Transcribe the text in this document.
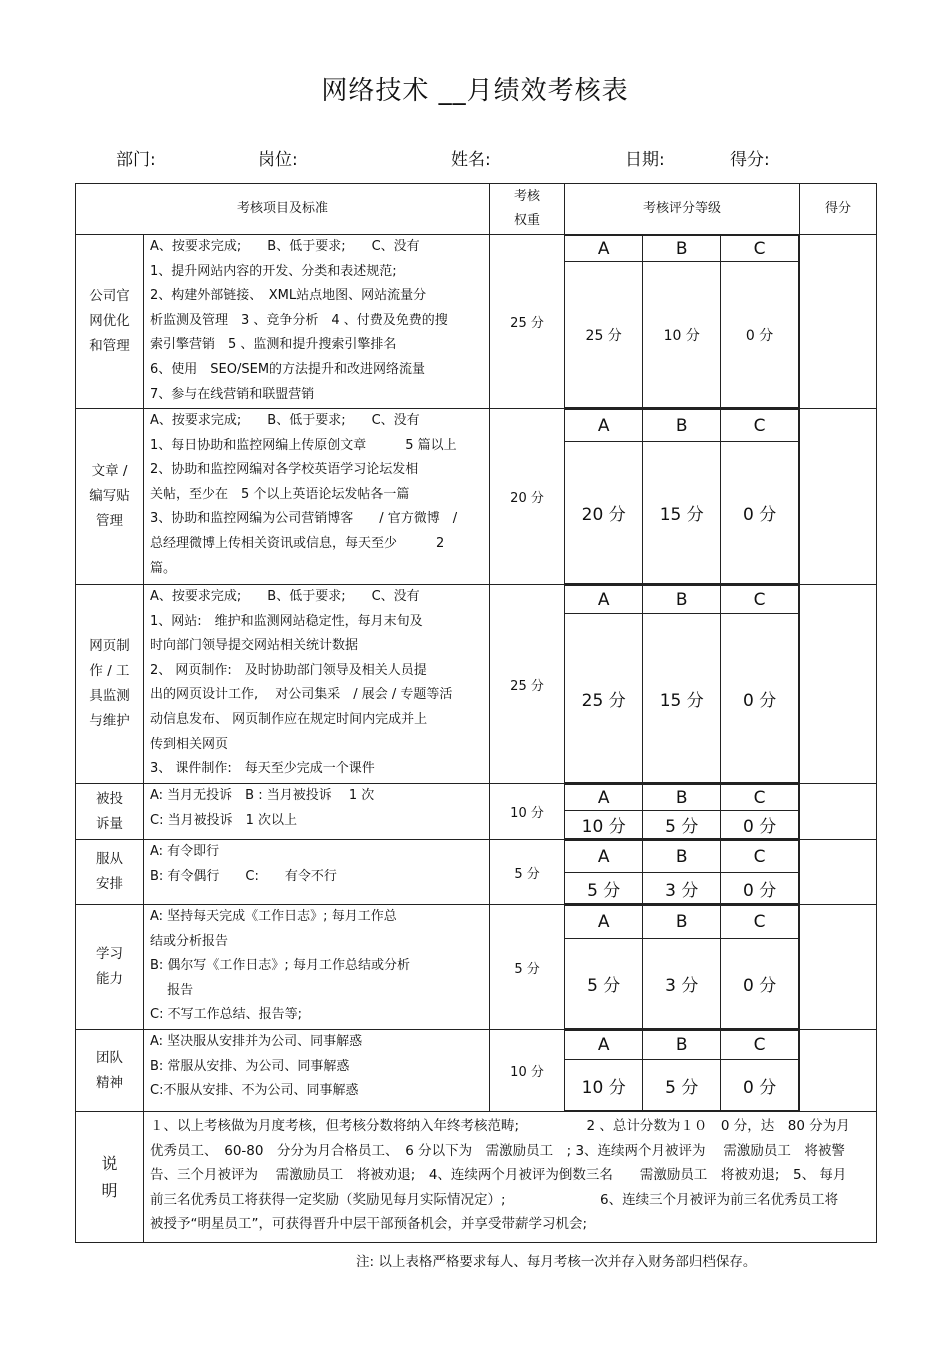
网络技术 __月绩效考核表
部门:	岗位:	姓名:	日期:	得分:
考核项目及标准	
考核
权重
	考核评分等级	得分

公司官
网优化
和管理

A、按要求完成;　　B、低于要求;　　C、没有
1、提升网站内容的开发、分类和表述规范;
2、构建外部链接、　XML站点地图、网站流量分
析监测及管理　3 、竞争分析　4 、付费及免费的搜
索引擎营销　5 、监测和提升搜索引擎排名
6、使用　SEO/SEM的方法提升和改进网络流量
7、参与在线营销和联盟营销
	25 分	
A	B	C
25 分	10 分	0 分

文章 /
编写贴
管理

A、按要求完成;　　B、低于要求;　　C、没有
1、每日协助和监控网编上传原创文章　　　5 篇以上
2、协助和监控网编对各学校英语学习论坛发相
关帖，至少在　5 个以上英语论坛发帖各一篇
3、协助和监控网编为公司营销博客　　/ 官方微博　/
总经理微博上传相关资讯或信息，每天至少　　　2
篇。
	20 分	
A	B	C
20 分	15 分	0 分

网页制
作 / 工
具监测
与维护

A、按要求完成;　　B、低于要求;　　C、没有
1、网站:　维护和监测网站稳定性，每月末旬及
时向部门领导提交网站相关统计数据
2、 网页制作:　及时协助部门领导及相关人员提
出的网页设计工作,　 对公司集采　/ 展会 / 专题等活
动信息发布、 网页制作应在规定时间内完成并上
传到相关网页
3、 课件制作:　每天至少完成一个课件
	25 分	
A	B	C
25 分	15 分	0 分

被投
诉量

A: 当月无投诉　B : 当月被投诉　 1 次
C: 当月被投诉　1 次以上	10 分	
A	B	C
10 分	5 分	0 分

服从
安排

A: 有令即行
B: 有令偶行　　C:　　有令不行	5 分	
A	B	C
5 分	3 分	0 分

学习
能力

A: 坚持每天完成《工作日志》; 每月工作总
结或分析报告
B: 偶尔写《工作日志》; 每月工作总结或分析
　 报告
C: 不写工作总结、报告等;
	5 分	
A	B	C
5 分	3 分	0 分

团队
精神

A: 坚决服从安排并为公司、同事解惑
B: 常服从安排、为公司、同事解惑
C:不服从安排、不为公司、同事解惑
	10 分	
A	B	C
10 分	5 分	0 分

说
明

１、以上考核做为月度考核，但考核分数将纳入年终考核范畴;　　　　　2 、总计分数为１０　0 分，达　80 分为月
优秀员工、　60-80　分分为月合格员工、　6 分以下为　需激励员工　; 3、连续两个月被评为　 需激励员工　将被警
告、三个月被评为　 需激励员工　将被劝退;　4、连续两个月被评为倒数三名　　需激励员工　将被劝退;　5、 每月
前三名优秀员工将获得一定奖励（奖励见每月实际情况定）;　　　　　　　6、连续三个月被评为前三名优秀员工将
被授予“明星员工”，可获得晋升中层干部预备机会，并享受带薪学习机会;
注: 以上表格严格要求每人、每月考核一次并存入财务部归档保存。
